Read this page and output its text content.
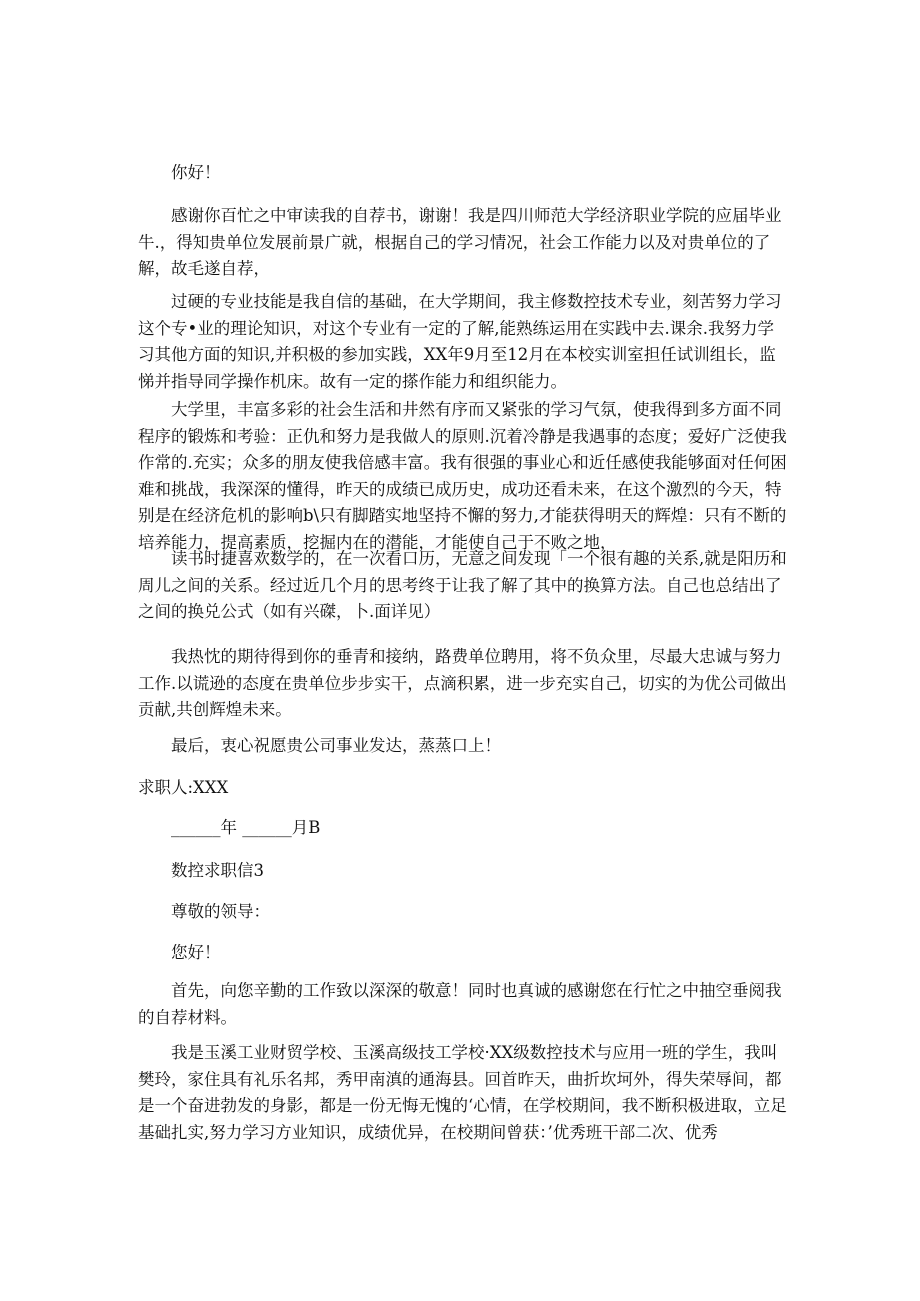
你好！

感谢你百忙之中审读我的自荐书，谢谢！我是四川师范大学经济职业学院的应届毕业牛.，得知贵单位发展前景广就，根据自己的学习情况，社会工作能力以及对贵单位的了解，故毛遂自荐，

过硬的专业技能是我自信的基础，在大学期间，我主修数控技术专业，刻苦努力学习这个专•业的理论知识，对这个专业有一定的了解,能熟练运用在实践中去.课余.我努力学习其他方面的知识,并积极的参加实践，XX年9月至12月在本校实训室担任试训组长，监悌并指导同学操作机床。故有一定的搽作能力和组织能力。

大学里，丰富多彩的社会生活和井然有序而又紧张的学习气氛，使我得到多方面不同程序的锻炼和考验：正仇和努力是我做人的原则.沉着冷静是我遇事的态度；爱好广泛使我作常的.充实；众多的朋友使我倍感丰富。我有很强的事业心和近任感使我能够面对任何困难和挑战，我深深的懂得，昨天的成绩已成历史，成功还看未来，在这个激烈的今天，特别是在经济危机的影响b\只有脚踏实地坚持不懈的努力,才能获得明天的辉煌：只有不断的培养能力，提高素质，挖掘内在的潜能，才能使自己于不败之地，

读书时捷喜欢数学的，在一次看口历，无意之间发现「一个很有趣的关系,就是阳历和周儿之间的关系。经过近几个月的思考终于让我了解了其中的换算方法。自己也总结出了之间的换兑公式（如有兴磔，卜.面详见）

我热忱的期待得到你的垂青和接纳，路费单位聘用，将不负众里，尽最大忠诚与努力工作.以谎逊的态度在贵单位步步实干，点滴积累，进一步充实自己，切实的为优公司做出贡献,共创辉煌未来。

最后，衷心祝愿贵公司事业发达，蒸蒸口上！

求职人:XXX

______年 ______月B

数控求职信3

尊敬的领导：

您好！

首先，向您辛勤的工作致以深深的敬意！同时也真诚的感谢您在行忙之中抽空垂阅我的自荐材料。

我是玉溪工业财贸学校、玉溪高级技工学校·XX级数控技术与应用一班的学生，我叫樊玲，家住具有礼乐名邦，秀甲南滇的通海县。回首昨天，曲折坎坷外，得失荣辱间，都是一个奋进勃发的身影，都是一份无悔无愧的‘心情，在学校期间，我不断积极进取，立足基础扎实,努力学习方业知识，成绩优异，在校期间曾获：’优秀班干部二次、优秀
